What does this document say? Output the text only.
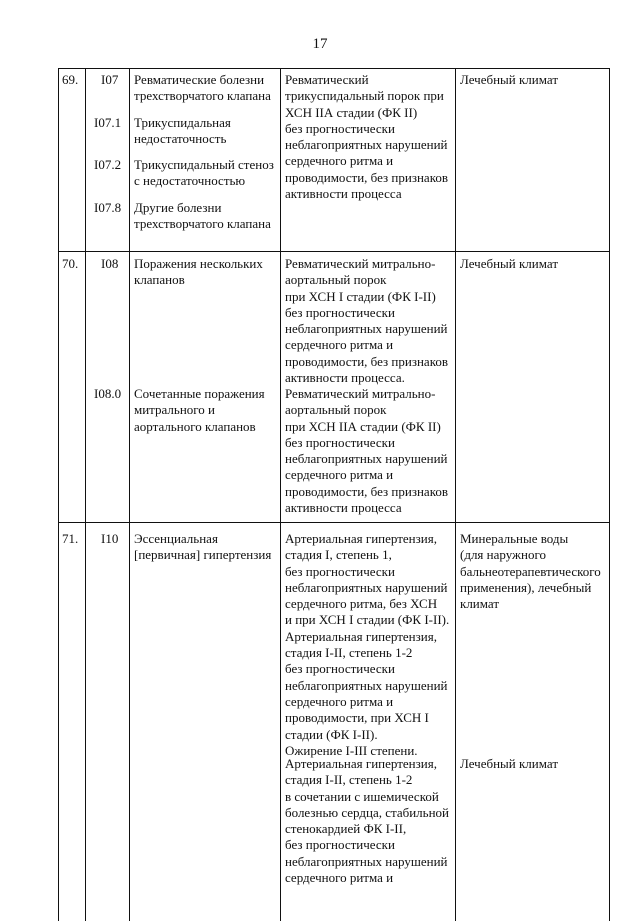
17
69. I07
I07.1
I07.2
I07.8
Ревматические болезни
трехстворчатого клапана
Трикуспидальная
недостаточность
Трикуспидальный стеноз
с недостаточностью
Другие болезни
трехстворчатого клапана
Ревматический
трикуспидальный порок при
ХСН IIА стадии (ФК II)
без прогностически
неблагоприятных нарушений
сердечного ритма и
проводимости, без признаков
активности процесса
Лечебный климат
70. I08
I08.0
Поражения нескольких
клапанов
Сочетанные поражения
митрального и
аортального клапанов
Ревматический митрально-
аортальный порок
при ХСН I стадии (ФК I-II)
без прогностически
неблагоприятных нарушений
сердечного ритма и
проводимости, без признаков
активности процесса.
Ревматический митрально-
аортальный порок
при ХСН IIА стадии (ФК II)
без прогностически
неблагоприятных нарушений
сердечного ритма и
проводимости, без признаков
активности процесса
Лечебный климат
71. I10 Эссенциальная
[первичная] гипертензия
Артериальная гипертензия,
стадия I, степень 1,
без прогностически
неблагоприятных нарушений
сердечного ритма, без ХСН
и при ХСН I стадии (ФК I-II).
Артериальная гипертензия,
стадия I-II, степень 1-2
без прогностически
неблагоприятных нарушений
сердечного ритма и
проводимости, при ХСН I
стадии (ФК I-II).
Ожирение I-III степени.
Артериальная гипертензия,
стадия I-II, степень 1-2
в сочетании с ишемической
болезнью сердца, стабильной
стенокардией ФК I-II,
без прогностически
неблагоприятных нарушений
сердечного ритма и
Минеральные воды
(для наружного
бальнеотерапевтического
применения), лечебный
климат
Лечебный климат
